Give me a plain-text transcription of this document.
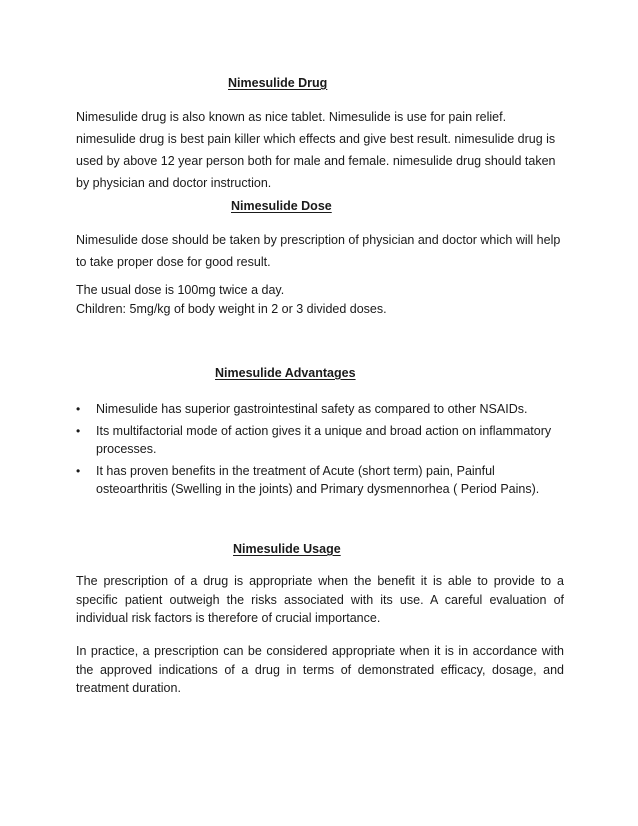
Nimesulide Drug

Nimesulide drug is also known as nice tablet. Nimesulide is use for pain relief. nimesulide drug is best pain killer which effects and give best result. nimesulide drug is used by above 12 year person both for male and female. nimesulide drug should taken by physician and doctor instruction.

Nimesulide Dose

Nimesulide dose should be taken by prescription of physician and doctor which will help to take proper dose for good result.

The usual dose is 100mg twice a day.

Children: 5mg/kg of body weight in 2 or 3 divided doses.

Nimesulide Advantages
• Nimesulide has superior gastrointestinal safety as compared to other NSAIDs.
• Its multifactorial mode of action gives it a unique and broad action on inflammatory processes.
• It has proven benefits in the treatment of Acute (short term) pain, Painful osteoarthritis (Swelling in the joints) and Primary dysmennorhea ( Period Pains).
Nimesulide Usage

The prescription of a drug is appropriate when the benefit it is able to provide to a specific patient outweigh the risks associated with its use. A careful evaluation of individual risk factors is therefore of crucial importance.

In practice, a prescription can be considered appropriate when it is in accordance with the approved indications of a drug in terms of demonstrated efficacy, dosage, and treatment duration.
